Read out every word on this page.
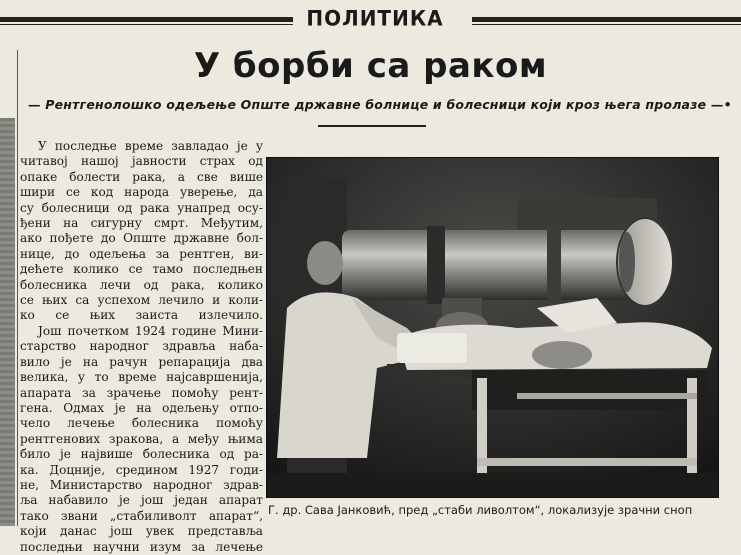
ПОЛИТИКА
У борби са раком
— Рентгенолошко одељење Опште државне болнице и болесници који кроз њега пролазе —•
У последње време завладао је у
читавој нашој јавности страх од
опаке болести рака, а све више
шири се код народа уверење, да
су болесници од рака унапред осу-
ђени на сигурну смрт. Међутим,
ако пођете до Опште државне бол-
нице, до одељења за рентген, ви-
дећете колико се тамо последњен
болесника лечи од рака, колико
се њих са успехом лечило и коли-
ко се њих заиста излечило.
Још почетком 1924 године Мини-
старство народног здравља наба-
вило је на рачун репарација два
велика, у то време најсавршенија,
апарата за зрачење помоћу рент-
гена. Одмах је на одељењу отпо-
чело лечење болесника помоћу
рентгенових зракова, а међу њима
било је највише болесника од ра-
ка. Доцније, средином 1927 годи-
не, Министарство народног здрав-
ља набавило је још један апарат
тако звани „стабиливолт апарат“,
који данас још увек представља
последњи научни изум за лечење
Г. др. Сава Јанковић, пред „стаби ливолтом“, локализује зрачни сноп
